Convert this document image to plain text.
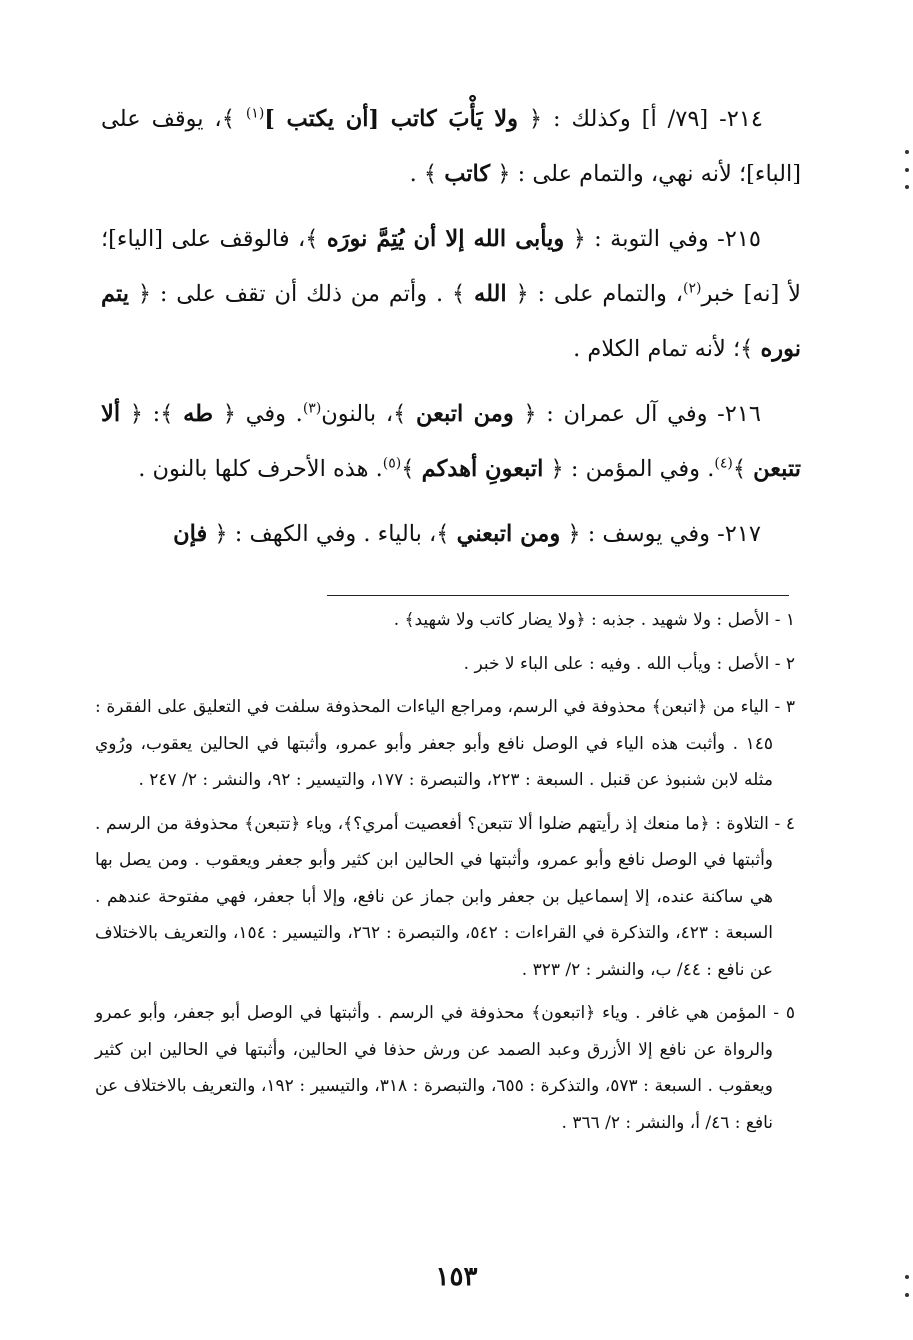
٢١٤- [٧٩/ أ] وكذلك : ﴿ ولا يَأْبَ كاتب [أن يكتب ]$^{(١)}$ ﴾، يوقف على [الباء]؛ لأنه نهي، والتمام على : ﴿ كاتب ﴾ .

٢١٥- وفي التوبة : ﴿ ويأبى الله إلا أن يُتِمَّ نورَه ﴾، فالوقف على [الياء]؛ لأ [نه] خبر$^{(٢)}$، والتمام على : ﴿ الله ﴾ . وأتم من ذلك أن تقف على : ﴿ يتم نوره ﴾؛ لأنه تمام الكلام .

٢١٦- وفي آل عمران : ﴿ ومن اتبعن ﴾، بالنون$^{(٣)}$. وفي ﴿ طه ﴾: ﴿ ألا تتبعن ﴾$^{(٤)}$. وفي المؤمن : ﴿ اتبعونِ أهدكم ﴾$^{(٥)}$. هذه الأحرف كلها بالنون .

٢١٧- وفي يوسف : ﴿ ومن اتبعني ﴾، بالياء . وفي الكهف : ﴿ فإن

١ - الأصل : ولا شهيد . جذبه : ﴿ولا يضار كاتب ولا شهيد﴾ .

٢ - الأصل : ويأب الله . وفيه : على الباء لا خبر .

٣ - الياء من ﴿اتبعن﴾ محذوفة في الرسم، ومراجع الياءات المحذوفة سلفت في التعليق على الفقرة : ١٤٥ . وأثبت هذه الياء في الوصل نافع وأبو جعفر وأبو عمرو، وأثبتها في الحالين يعقوب، ورُوي مثله لابن شنبوذ عن قنبل . السبعة : ٢٢٣، والتبصرة : ١٧٧، والتيسير : ٩٢، والنشر : ٢/ ٢٤٧ .

٤ - التلاوة : ﴿ما منعك إذ رأيتهم ضلوا ألا تتبعن؟ أفعصيت أمري؟﴾، وياء ﴿تتبعن﴾ محذوفة من الرسم . وأثبتها في الوصل نافع وأبو عمرو، وأثبتها في الحالين ابن كثير وأبو جعفر ويعقوب . ومن يصل بها هي ساكنة عنده، إلا إسماعيل بن جعفر وابن جماز عن نافع، وإلا أبا جعفر، فهي مفتوحة عندهم . السبعة : ٤٢٣، والتذكرة في القراءات : ٥٤٢، والتبصرة : ٢٦٢، والتيسير : ١٥٤، والتعريف بالاختلاف عن نافع : ٤٤/ ب، والنشر : ٢/ ٣٢٣ .

٥ - المؤمن هي غافر . وياء ﴿اتبعون﴾ محذوفة في الرسم . وأثبتها في الوصل أبو جعفر، وأبو عمرو والرواة عن نافع إلا الأزرق وعبد الصمد عن ورش حذفا في الحالين، وأثبتها في الحالين ابن كثير ويعقوب . السبعة : ٥٧٣، والتذكرة : ٦٥٥، والتبصرة : ٣١٨، والتيسير : ١٩٢، والتعريف بالاختلاف عن نافع : ٤٦/ أ، والنشر : ٢/ ٣٦٦ .

١٥٣
